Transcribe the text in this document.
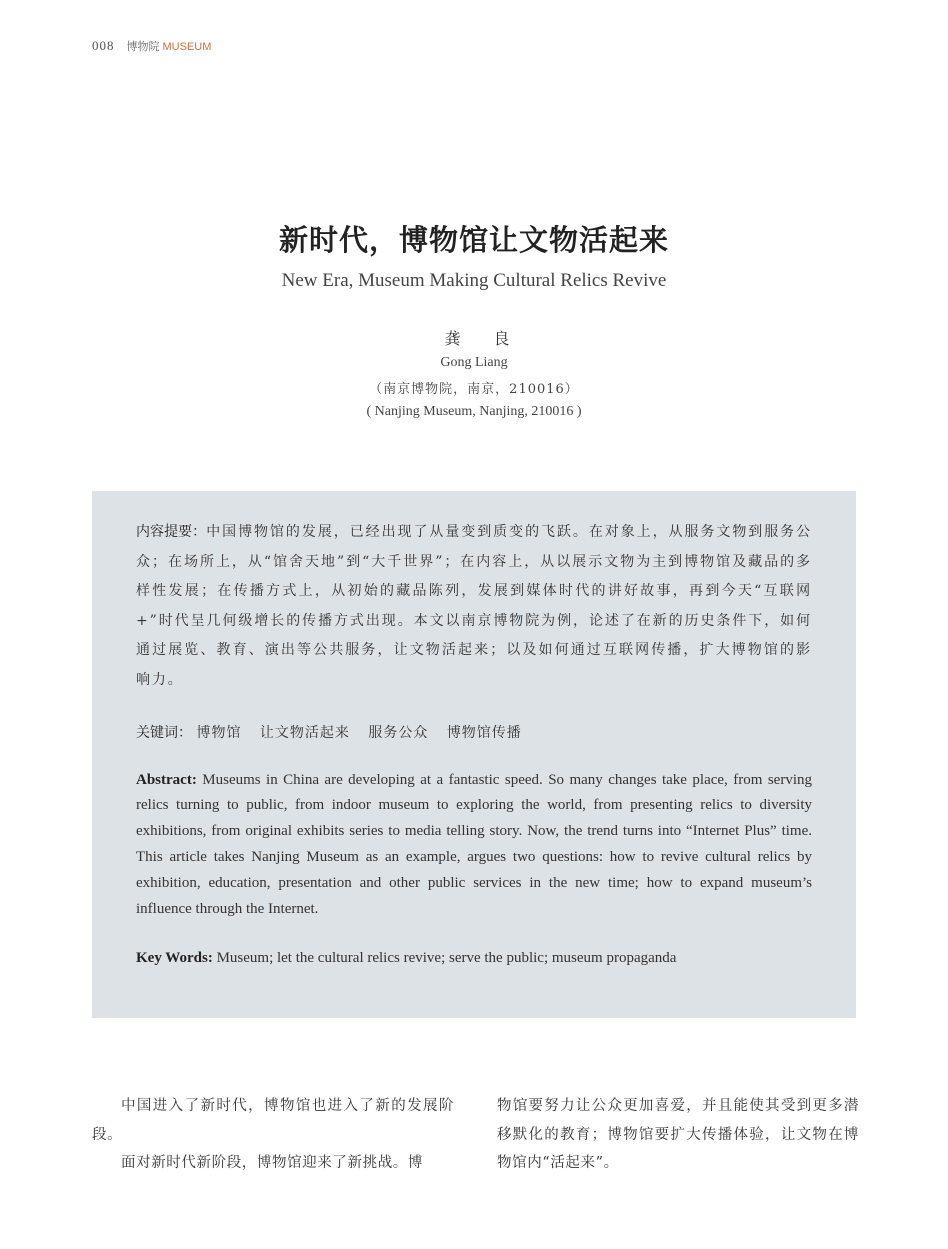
008 博物院 MUSEUM
新时代，博物馆让文物活起来
New Era, Museum Making Cultural Relics Revive
龚 良
Gong Liang
（南京博物院，南京，210016）
( Nanjing Museum, Nanjing, 210016 )

内容提要：中国博物馆的发展，已经出现了从量变到质变的飞跃。在对象上，从服务文物到服务公众；在场所上，从“馆舍天地”到“大千世界”；在内容上，从以展示文物为主到博物馆及藏品的多样性发展；在传播方式上，从初始的藏品陈列，发展到媒体时代的讲好故事，再到今天“互联网+”时代呈几何级增长的传播方式出现。本文以南京博物院为例，论述了在新的历史条件下，如何通过展览、教育、演出等公共服务，让文物活起来；以及如何通过互联网传播，扩大博物馆的影响力。

关键词： 博物馆 让文物活起来 服务公众 博物馆传播
Abstract: Museums in China are developing at a fantastic speed. So many changes take place, from serving relics turning to public, from indoor museum to exploring the world, from presenting relics to diversity exhibitions, from original exhibits series to media telling story. Now, the trend turns into “Internet Plus” time. This article takes Nanjing Museum as an example, argues two questions: how to revive cultural relics by exhibition, education, presentation and other public services in the new time; how to expand museum’s influence through the Internet.
Key Words: Museum; let the cultural relics revive; serve the public; museum propaganda

中国进入了新时代，博物馆也进入了新的发展阶段。

面对新时代新阶段，博物馆迎来了新挑战。博

物馆要努力让公众更加喜爱，并且能使其受到更多潜移默化的教育；博物馆要扩大传播体验，让文物在博物馆内“活起来”。
